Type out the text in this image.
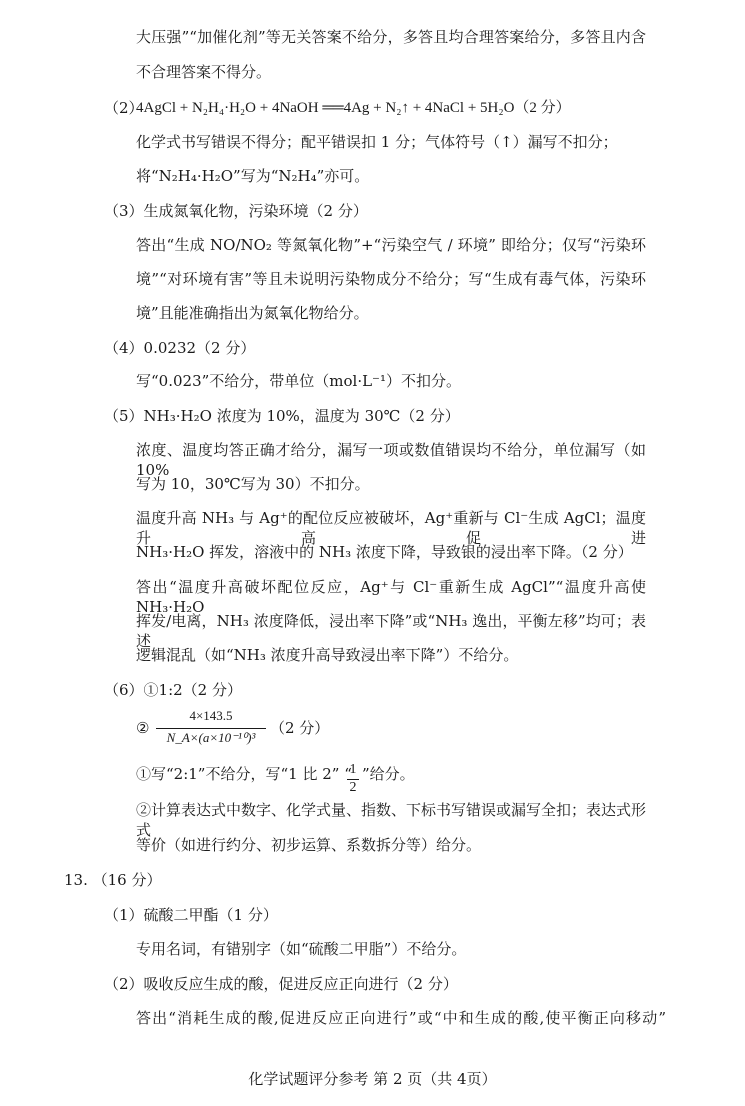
大压强”“加催化剂”等无关答案不给分，多答且均合理答案给分，多答且内含
不合理答案不得分。
（2）
4AgCl + N₂H₄·H₂O + 4NaOH ══4Ag + N₂↑ + 4NaCl + 5H₂O（2 分）
化学式书写错误不得分；配平错误扣 1 分；气体符号（↑）漏写不扣分；
将“N₂H₄·H₂O”写为“N₂H₄”亦可。
（3）生成氮氧化物，污染环境（2 分）
答出“生成 NO/NO₂ 等氮氧化物”+“污染空气 / 环境” 即给分；仅写“污染环
境”“对环境有害”等且未说明污染物成分不给分；写“生成有毒气体，污染环
境”且能准确指出为氮氧化物给分。
（4）0.0232（2 分）
写“0.023”不给分，带单位（mol·L⁻¹）不扣分。
（5）NH₃·H₂O 浓度为 10%，温度为 30℃（2 分）
浓度、温度均答正确才给分，漏写一项或数值错误均不给分，单位漏写（如 10%
写为 10，30℃写为 30）不扣分。
温度升高 NH₃ 与 Ag⁺的配位反应被破坏，Ag⁺重新与 Cl⁻生成 AgCl；温度升高促进
NH₃·H₂O 挥发，溶液中的 NH₃ 浓度下降，导致银的浸出率下降。（2 分）
答出“温度升高破坏配位反应，Ag⁺与 Cl⁻重新生成 AgCl”“温度升高使 NH₃·H₂O
挥发/电离，NH₃ 浓度降低，浸出率下降”或“NH₃ 逸出，平衡左移”均可；表述
逻辑混乱（如“NH₃ 浓度升高导致浸出率下降”）不给分。
（6）①1:2（2 分）
②
4×143.5
N_A×(a×10⁻¹⁰)³
（2 分）
①写“2:1”不给分，写“1 比 2” “
1
2
”给分。
②计算表达式中数字、化学式量、指数、下标书写错误或漏写全扣；表达式形式
等价（如进行约分、初步运算、系数拆分等）给分。
13. （16 分）
（1）硫酸二甲酯（1 分）
专用名词，有错别字（如“硫酸二甲脂”）不给分。
（2）吸收反应生成的酸，促进反应正向进行（2 分）
答出“消耗生成的酸,促进反应正向进行”或“中和生成的酸,使平衡正向移动”
化学试题评分参考 第 2 页（共 4页）
